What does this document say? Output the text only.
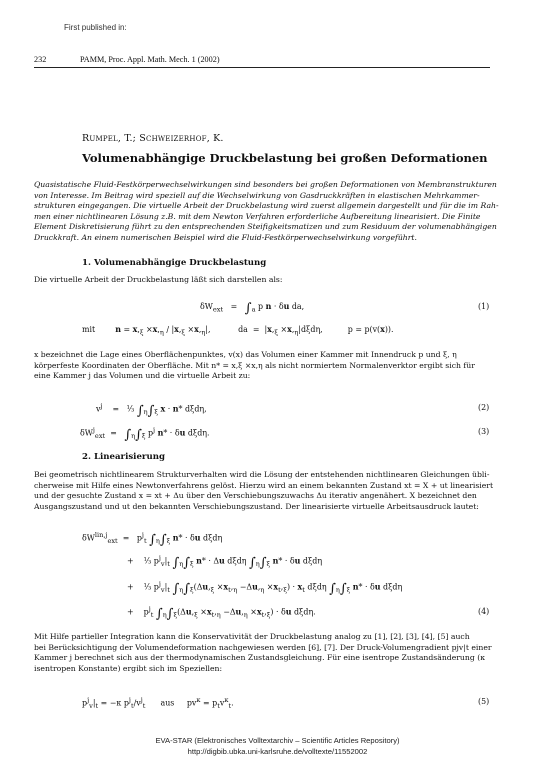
First published in:
232	PAMM, Proc. Appl. Math. Mech. 1 (2002)
Rumpel, T.; Schweizerhof, K.
Volumenabhängige Druckbelastung bei großen Deformationen
Quasistatische Fluid-Festkörperwechselwirkungen sind besonders bei großen Deformationen von Membranstrukturen
von Interesse. Im Beitrag wird speziell auf die Wechselwirkung von Gasdruckkräften in elastischen Mehrkammer-
strukturen eingegangen. Die virtuelle Arbeit der Druckbelastung wird zuerst allgemein dargestellt und für die im Rah-
men einer nichtlinearen Lösung z.B. mit dem Newton Verfahren erforderliche Aufbereitung linearisiert. Die Finite
Element Diskretisierung führt zu den entsprechenden Steifigkeitsmatizen und zum Residuum der volumenabhängigen
Druckkraft. An einem numerischen Beispiel wird die Fluid-Festkörperwechselwirkung vorgeführt.
1. Volumenabhängige Druckbelastung
Die virtuelle Arbeit der Druckbelastung läßt sich darstellen als:
$\delta W_{ext} = \int_a$ p n · δu da,	(1)
mit	$n = x,_\xi \times x,_\eta / |x,_\xi \times x,_\eta|$,           da  =  $|x,_\xi \times x,_\eta|d\xi d\eta$,          p = p(v(x)).
x bezeichnet die Lage eines Oberflächenpunktes, v(x) das Volumen einer Kammer mit Innendruck p und ξ, η
körperfeste Koordinaten der Oberfläche. Mit n* = x,ξ ×x,η als nicht normiertem Normalenverktor ergibt sich für
eine Kammer j das Volumen und die virtuelle Arbeit zu:
$v^j$    =   ⅓ $\int_\eta\int_\xi$ x · n* dξdη,	(2)
$\delta W^j_{ext} = \int_\eta\int_\xi$ $p^j$ n* · δu dξdη.	(3)
2. Linearisierung
Bei geometrisch nichtlinearem Strukturverhalten wird die Lösung der entstehenden nichtlinearen Gleichungen übli-
cherweise mit Hilfe eines Newtonverfahrens gelöst. Hierzu wird an einem bekannten Zustand xt = X + ut linearisiert
und der gesuchte Zustand x = xt + Δu über den Verschiebungszuwachs Δu iterativ angenähert. X bezeichnet den
Ausgangszustand und ut den bekannten Verschiebungszustand. Der linearisierte virtuelle Arbeitsausdruck lautet:
$\delta W^{lin,j}_{ext} = p^j_t$ $\int_\eta\int_\xi$ n* · δu dξdη
+    ⅓ $p^j_v|_t$ $\int_\eta\int_\xi$ n* · Δu dξdη $\int_\eta\int_\xi$ n* · δu dξdη
+    ⅓ $p^j_v|_t$ $\int_\eta\int_\xi(\Delta u,_\xi \times x_t,_\eta -\Delta u,_\eta \times x_t,_\xi) \cdot x_t$ dξdη $\int_\eta\int_\xi$ n* · δu dξdη
+    $p^j_t$ $\int_\eta\int_\xi(\Delta u,_\xi \times x_t,_\eta -\Delta u,_\eta \times x_t,_\xi) \cdot \delta u$ dξdη.	(4)
Mit Hilfe partieller Integration kann die Konservativität der Druckbelastung analog zu [1], [2], [3], [4], [5] auch
bei Berücksichtigung der Volumendeformation nachgewiesen werden [6], [7]. Der Druck-Volumengradient pjv|t einer
Kammer j berechnet sich aus der thermodynamischen Zustandsgleichung. Für eine isentrope Zustandsänderung (κ
isentropen Konstante) ergibt sich im Speziellen:
$p^j_v|_t = -\kappa$ $p^j_t/v^j_t$ aus     $pv^\kappa = p_tv^\kappa_t$.	(5)
EVA-STAR (Elektronisches Volltextarchiv – Scientific Articles Repository)
http://digbib.ubka.uni-karlsruhe.de/volltexte/11552002
